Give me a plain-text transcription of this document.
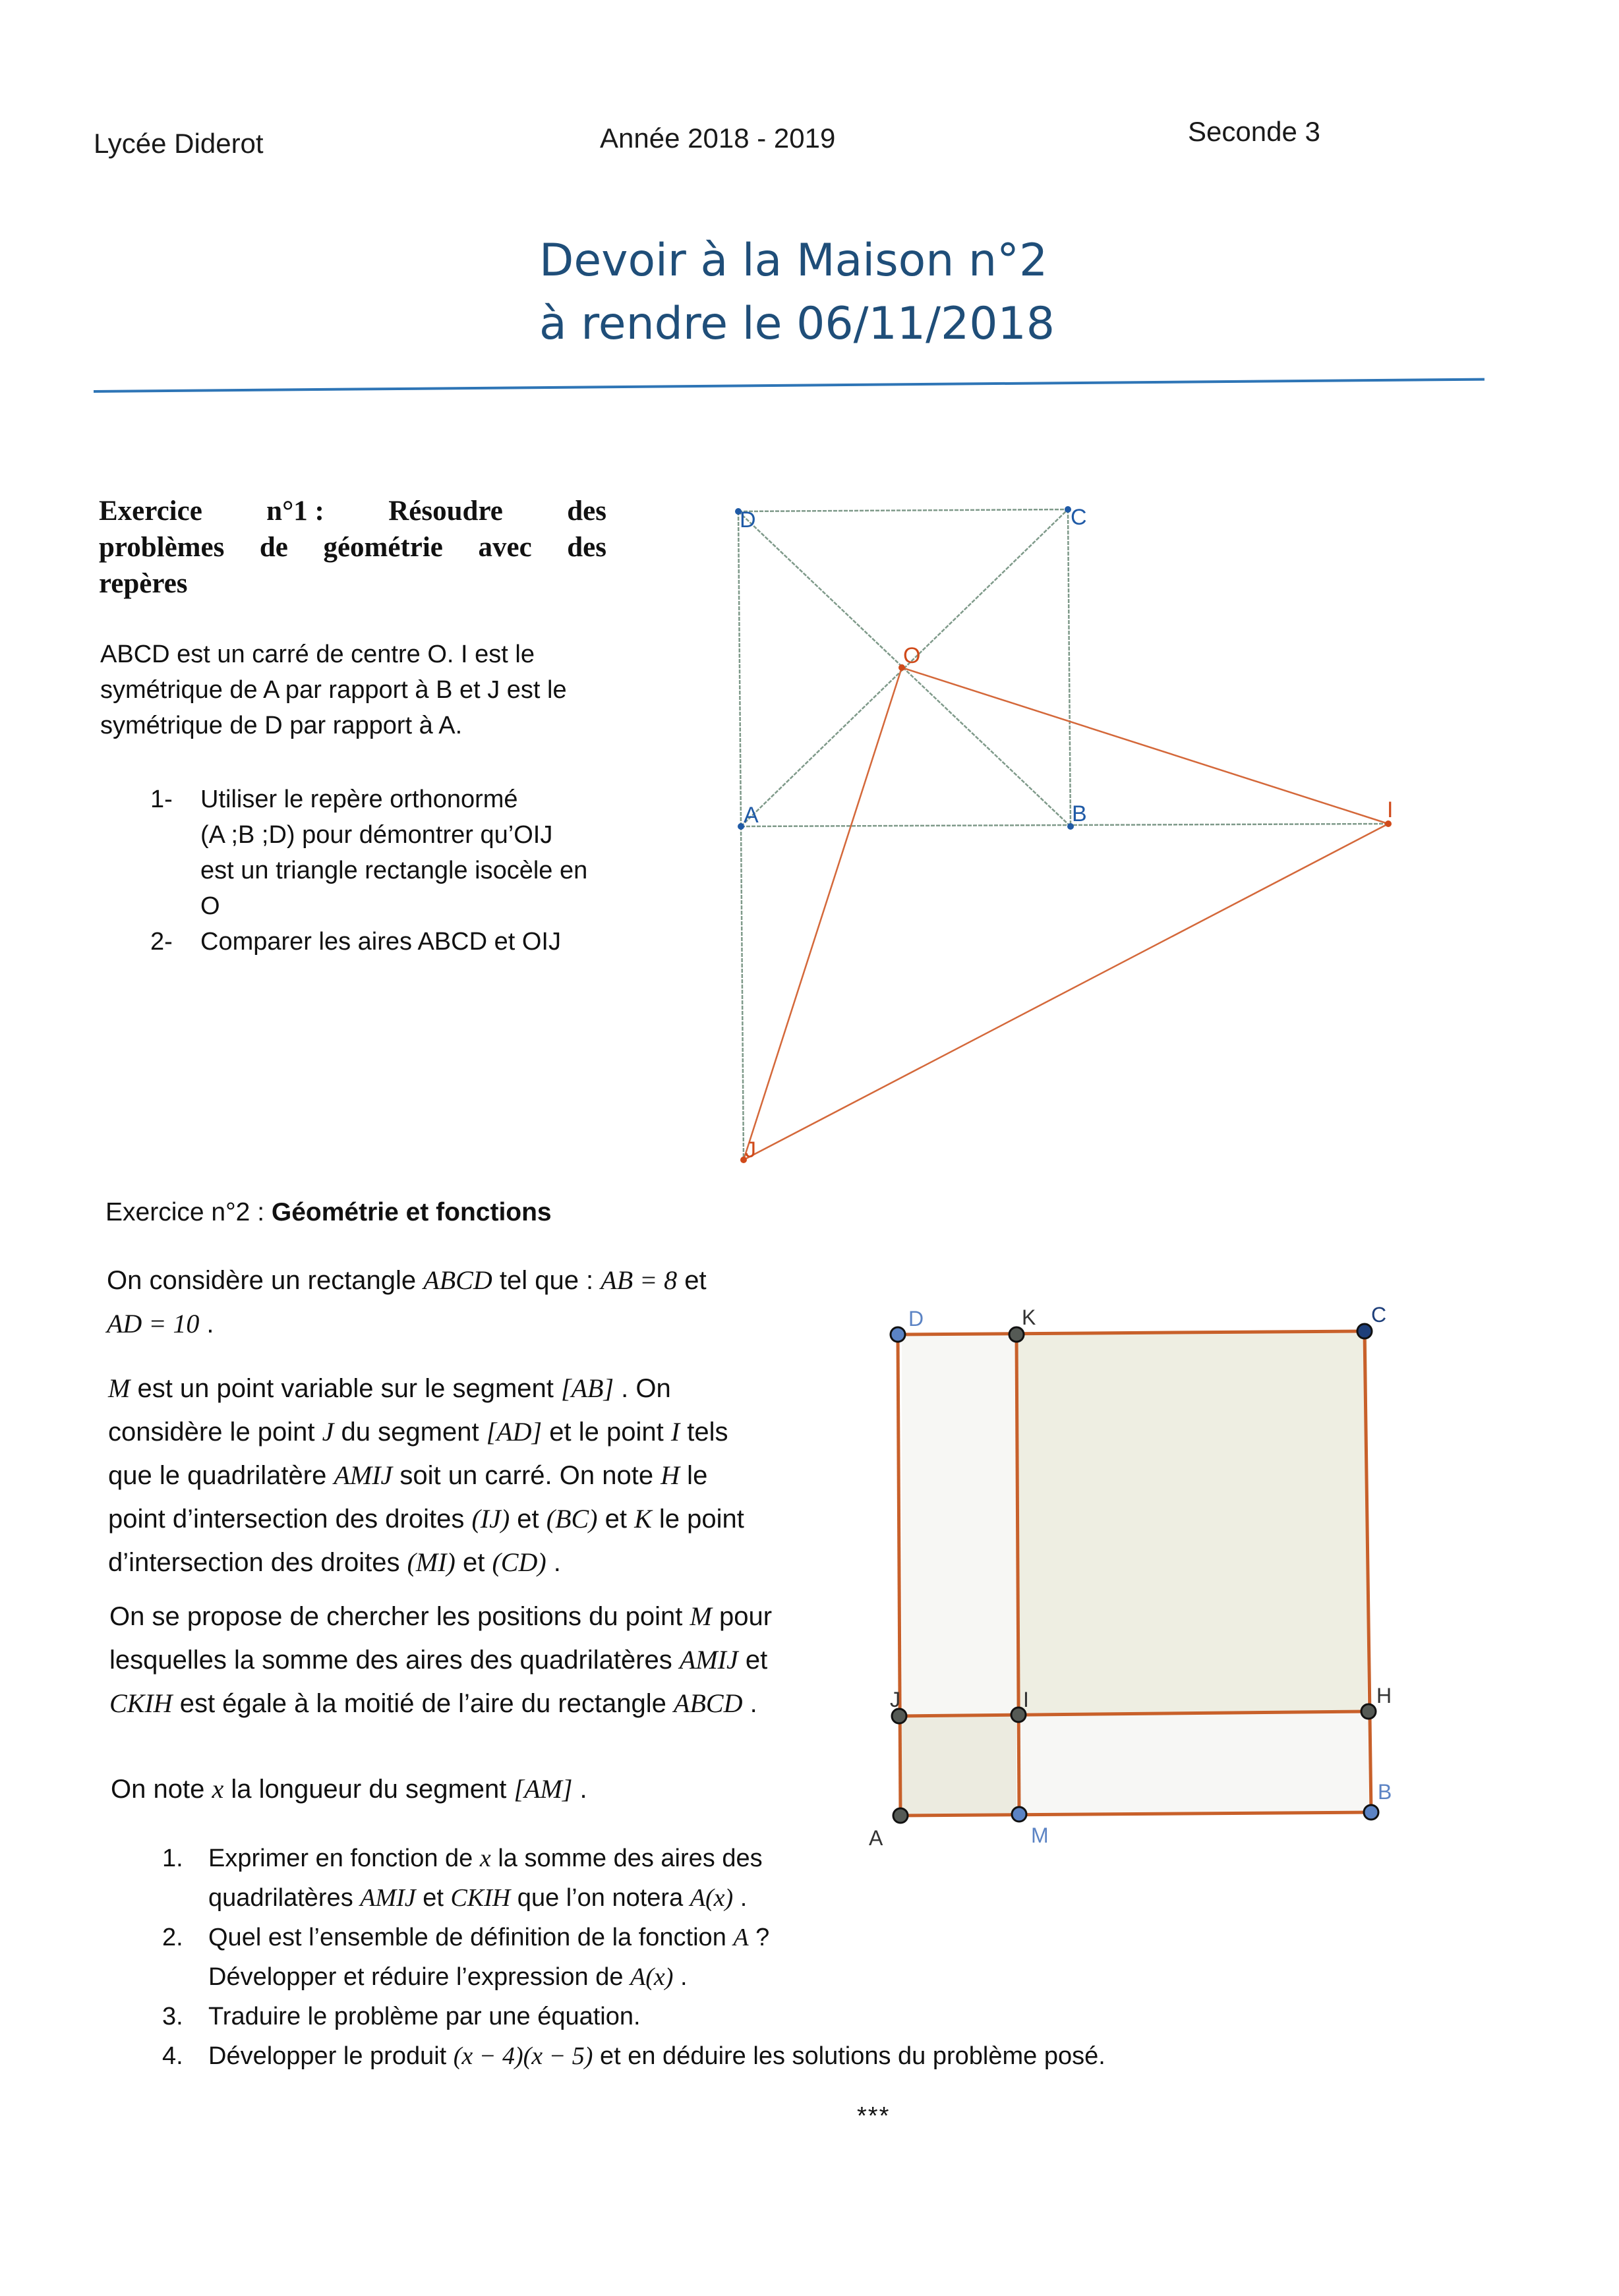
Lycée Diderot	Année 2018 - 2019	Seconde 3
Devoir à la Maison n°2
à rendre le 06/11/2018
Exercice n°1 : Résoudre des
problèmes de géométrie avec des
repères
ABCD est un carré de centre O. I est le
symétrique de A par rapport à B et J est le
symétrique de D par rapport à A.
1-	Utiliser le repère orthonormé
(A ;B ;D) pour démontrer qu’OIJ
est un triangle rectangle isocèle en
O
2-	Comparer les aires ABCD et OIJ
D	C
A	B
O
I
J
Exercice n°2 : Géométrie et fonctions
On considère un rectangle ABCD tel que : AB = 8 et
AD = 10 .
M est un point variable sur le segment [AB] . On
considère le point J du segment [AD] et le point I tels
que le quadrilatère AMIJ soit un carré. On note H le
point d’intersection des droites (IJ) et (BC) et K le point
d’intersection des droites (MI) et (CD) .
On se propose de chercher les positions du point M pour
lesquelles la somme des aires des quadrilatères AMIJ et
CKIH est égale à la moitié de l’aire du rectangle ABCD .
On note x la longueur du segment [AM] .
1.	Exprimer en fonction de x la somme des aires des
quadrilatères AMIJ et CKIH que l’on notera A(x) .
2.	Quel est l’ensemble de définition de la fonction A ?
Développer et réduire l’expression de A(x) .
3.	Traduire le problème par une équation.
4.	Développer le produit (x − 4)(x − 5) et en déduire les solutions du problème posé.
D	K	C
J	I	H
B
A	M
***
